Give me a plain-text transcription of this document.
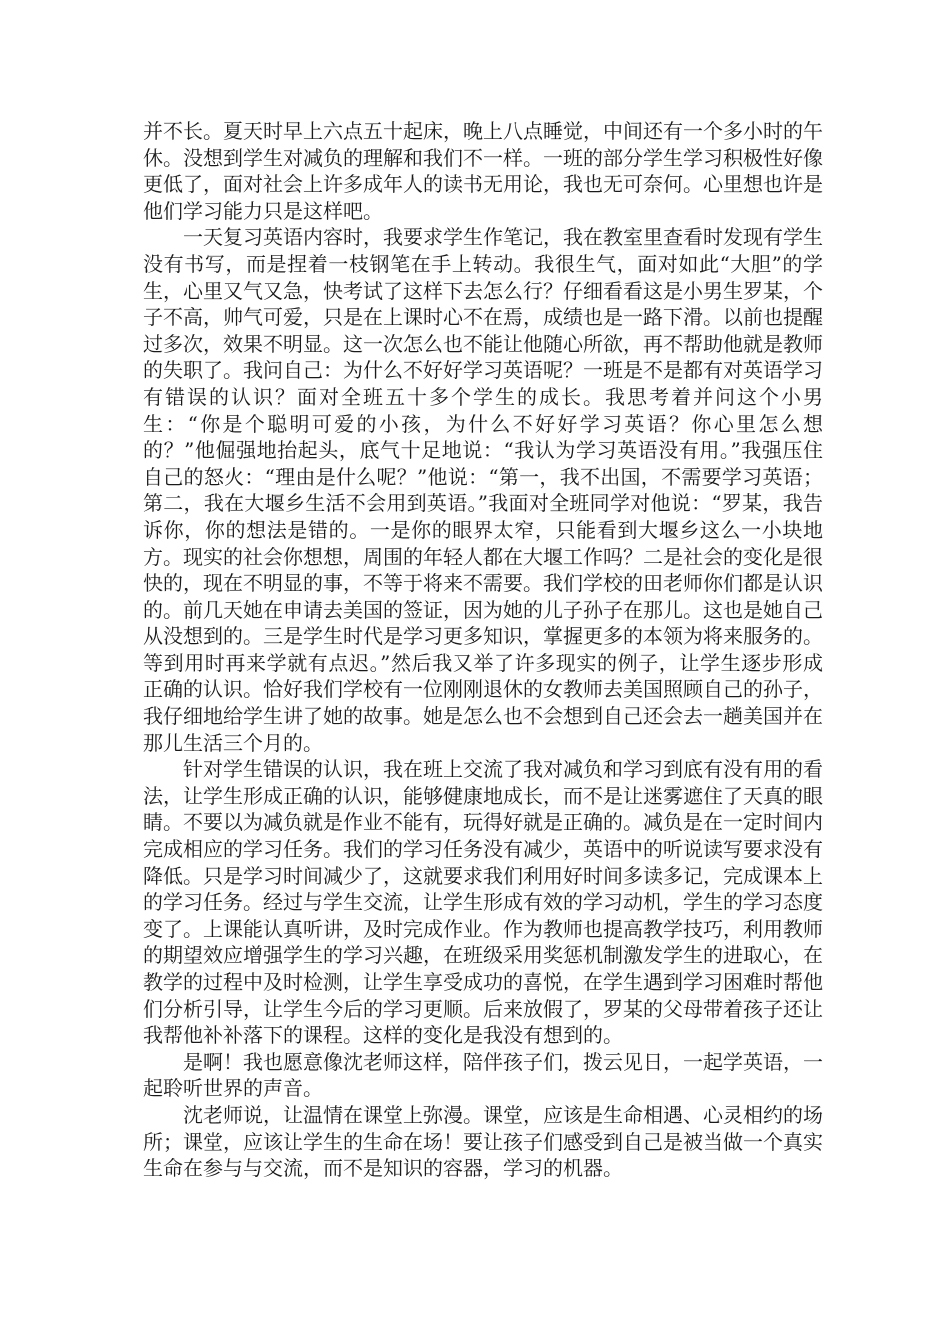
并不长。夏天时早上六点五十起床，晚上八点睡觉，中间还有一个多小时的午休。没想到学生对减负的理解和我们不一样。一班的部分学生学习积极性好像更低了，面对社会上许多成年人的读书无用论，我也无可奈何。心里想也许是他们学习能力只是这样吧。

一天复习英语内容时，我要求学生作笔记，我在教室里查看时发现有学生没有书写，而是捏着一枝钢笔在手上转动。我很生气，面对如此“大胆”的学生，心里又气又急，快考试了这样下去怎么行？仔细看看这是小男生罗某，个子不高，帅气可爱，只是在上课时心不在焉，成绩也是一路下滑。以前也提醒过多次，效果不明显。这一次怎么也不能让他随心所欲，再不帮助他就是教师的失职了。我问自己：为什么不好好学习英语呢？一班是不是都有对英语学习有错误的认识？面对全班五十多个学生的成长。我思考着并问这个小男生：“你是个聪明可爱的小孩，为什么不好好学习英语？你心里怎么想的？”他倔强地抬起头，底气十足地说：“我认为学习英语没有用。”我强压住自己的怒火：“理由是什么呢？”他说：“第一，我不出国，不需要学习英语；第二，我在大堰乡生活不会用到英语。”我面对全班同学对他说：“罗某，我告诉你，你的想法是错的。一是你的眼界太窄，只能看到大堰乡这么一小块地方。现实的社会你想想，周围的年轻人都在大堰工作吗？二是社会的变化是很快的，现在不明显的事，不等于将来不需要。我们学校的田老师你们都是认识的。前几天她在申请去美国的签证，因为她的儿子孙子在那儿。这也是她自己从没想到的。三是学生时代是学习更多知识，掌握更多的本领为将来服务的。等到用时再来学就有点迟。”然后我又举了许多现实的例子，让学生逐步形成正确的认识。恰好我们学校有一位刚刚退休的女教师去美国照顾自己的孙子，我仔细地给学生讲了她的故事。她是怎么也不会想到自己还会去一趟美国并在那儿生活三个月的。

针对学生错误的认识，我在班上交流了我对减负和学习到底有没有用的看法，让学生形成正确的认识，能够健康地成长，而不是让迷雾遮住了天真的眼睛。不要以为减负就是作业不能有，玩得好就是正确的。减负是在一定时间内完成相应的学习任务。我们的学习任务没有减少，英语中的听说读写要求没有降低。只是学习时间减少了，这就要求我们利用好时间多读多记，完成课本上的学习任务。经过与学生交流，让学生形成有效的学习动机，学生的学习态度变了。上课能认真听讲，及时完成作业。作为教师也提高教学技巧，利用教师的期望效应增强学生的学习兴趣，在班级采用奖惩机制激发学生的进取心，在教学的过程中及时检测，让学生享受成功的喜悦，在学生遇到学习困难时帮他们分析引导，让学生今后的学习更顺。后来放假了，罗某的父母带着孩子还让我帮他补补落下的课程。这样的变化是我没有想到的。

是啊！我也愿意像沈老师这样，陪伴孩子们，拨云见日，一起学英语，一起聆听世界的声音。

沈老师说，让温情在课堂上弥漫。课堂，应该是生命相遇、心灵相约的场所；课堂，应该让学生的生命在场！要让孩子们感受到自己是被当做一个真实生命在参与与交流，而不是知识的容器，学习的机器。
